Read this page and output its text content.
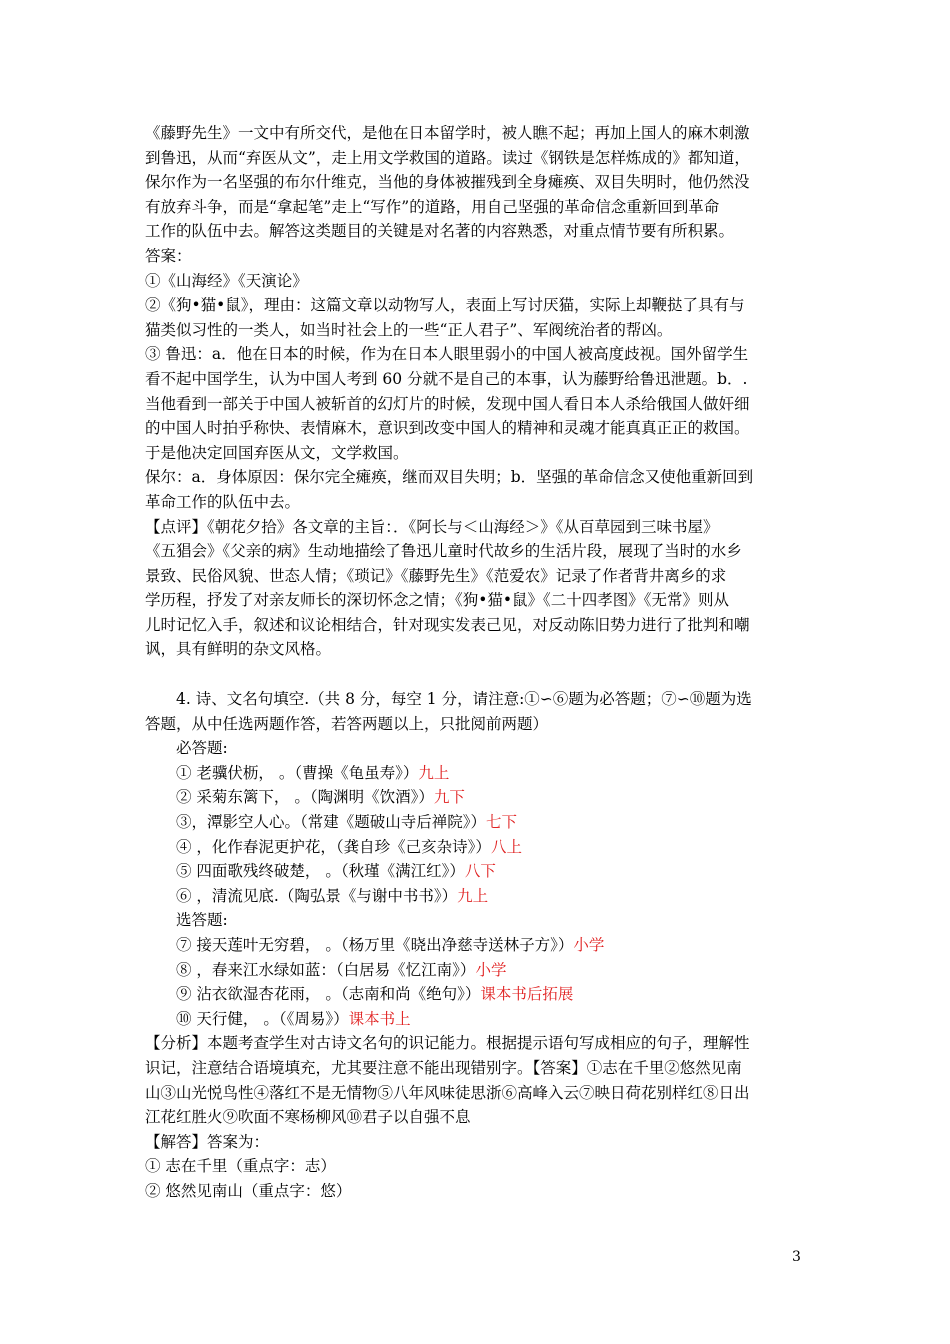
《藤野先生》一文中有所交代，是他在日本留学时，被人瞧不起；再加上国人的麻木刺激

到鲁迅，从而“弃医从文”，走上用文学救国的道路。读过《钢铁是怎样炼成的》都知道，

保尔作为一名坚强的布尔什维克，当他的身体被摧残到全身瘫痪、双目失明时，他仍然没

有放弃斗争，而是“拿起笔”走上“写作”的道路，用自己坚强的革命信念重新回到革命

工作的队伍中去。解答这类题目的关键是对名著的内容熟悉，对重点情节要有所积累。

答案：

①《山海经》《天演论》

②《狗•猫•鼠》，理由：这篇文章以动物写人，表面上写讨厌猫，实际上却鞭挞了具有与

猫类似习性的一类人，如当时社会上的一些“正人君子”、军阀统治者的帮凶。

③ 鲁迅：a．他在日本的时候，作为在日本人眼里弱小的中国人被高度歧视。国外留学生

看不起中国学生，认为中国人考到 60 分就不是自己的本事，认为藤野给鲁迅泄题。b．.

当他看到一部关于中国人被斩首的幻灯片的时候，发现中国人看日本人杀给俄国人做奸细

的中国人时拍乎称快、表情麻木，意识到改变中国人的精神和灵魂才能真真正正的救国。

于是他决定回国弃医从文，文学救国。

保尔：a．身体原因：保尔完全瘫痪，继而双目失明；b．坚强的革命信念又使他重新回到

革命工作的队伍中去。

【点评】《朝花夕拾》各文章的主旨：．《阿长与＜山海经＞》《从百草园到三味书屋》

《五猖会》《父亲的病》生动地描绘了鲁迅儿童时代故乡的生活片段，展现了当时的水乡

景致、民俗风貌、世态人情；《琐记》《藤野先生》《范爱农》记录了作者背井离乡的求

学历程，抒发了对亲友师长的深切怀念之情；《狗•猫•鼠》《二十四孝图》《无常》则从

儿时记忆入手，叙述和议论相结合，针对现实发表己见，对反动陈旧势力进行了批判和嘲

讽，具有鲜明的杂文风格。

4. 诗、文名句填空.（共 8 分，每空 1 分，请注意:①∽⑥题为必答题；⑦∽⑩题为选

答题，从中任选两题作答，若答两题以上，只批阅前两题）

必答题:

① 老骥伏枥， 。（曹操《龟虽寿》）九上

② 采菊东篱下， 。（陶渊明《饮酒》）九下

③，潭影空人心。（常建《题破山寺后禅院》）七下

④ ，化作春泥更护花，（龚自珍《己亥杂诗》）八上

⑤ 四面歌残终破楚， 。（秋瑾《满江红》）八下

⑥ ，清流见底.（陶弘景《与谢中书书》）九上

选答题:

⑦ 接天莲叶无穷碧， 。（杨万里《晓出净慈寺送林子方》）小学

⑧ ，春来江水绿如蓝：（白居易《忆江南》）小学

⑨ 沾衣欲湿杏花雨， 。（志南和尚《绝句》）课本书后拓展

⑩ 天行健， 。（《周易》）课本书上

【分析】本题考查学生对古诗文名句的识记能力。根据提示语句写成相应的句子，理解性

识记，注意结合语境填充，尤其要注意不能出现错别字。【答案】①志在千里②悠然见南

山③山光悦鸟性④落红不是无情物⑤八年风味徒思浙⑥高峰入云⑦映日荷花别样红⑧日出

江花红胜火⑨吹面不寒杨柳风⑩君子以自强不息

【解答】答案为：

① 志在千里（重点字：志）

② 悠然见南山（重点字：悠）

3
